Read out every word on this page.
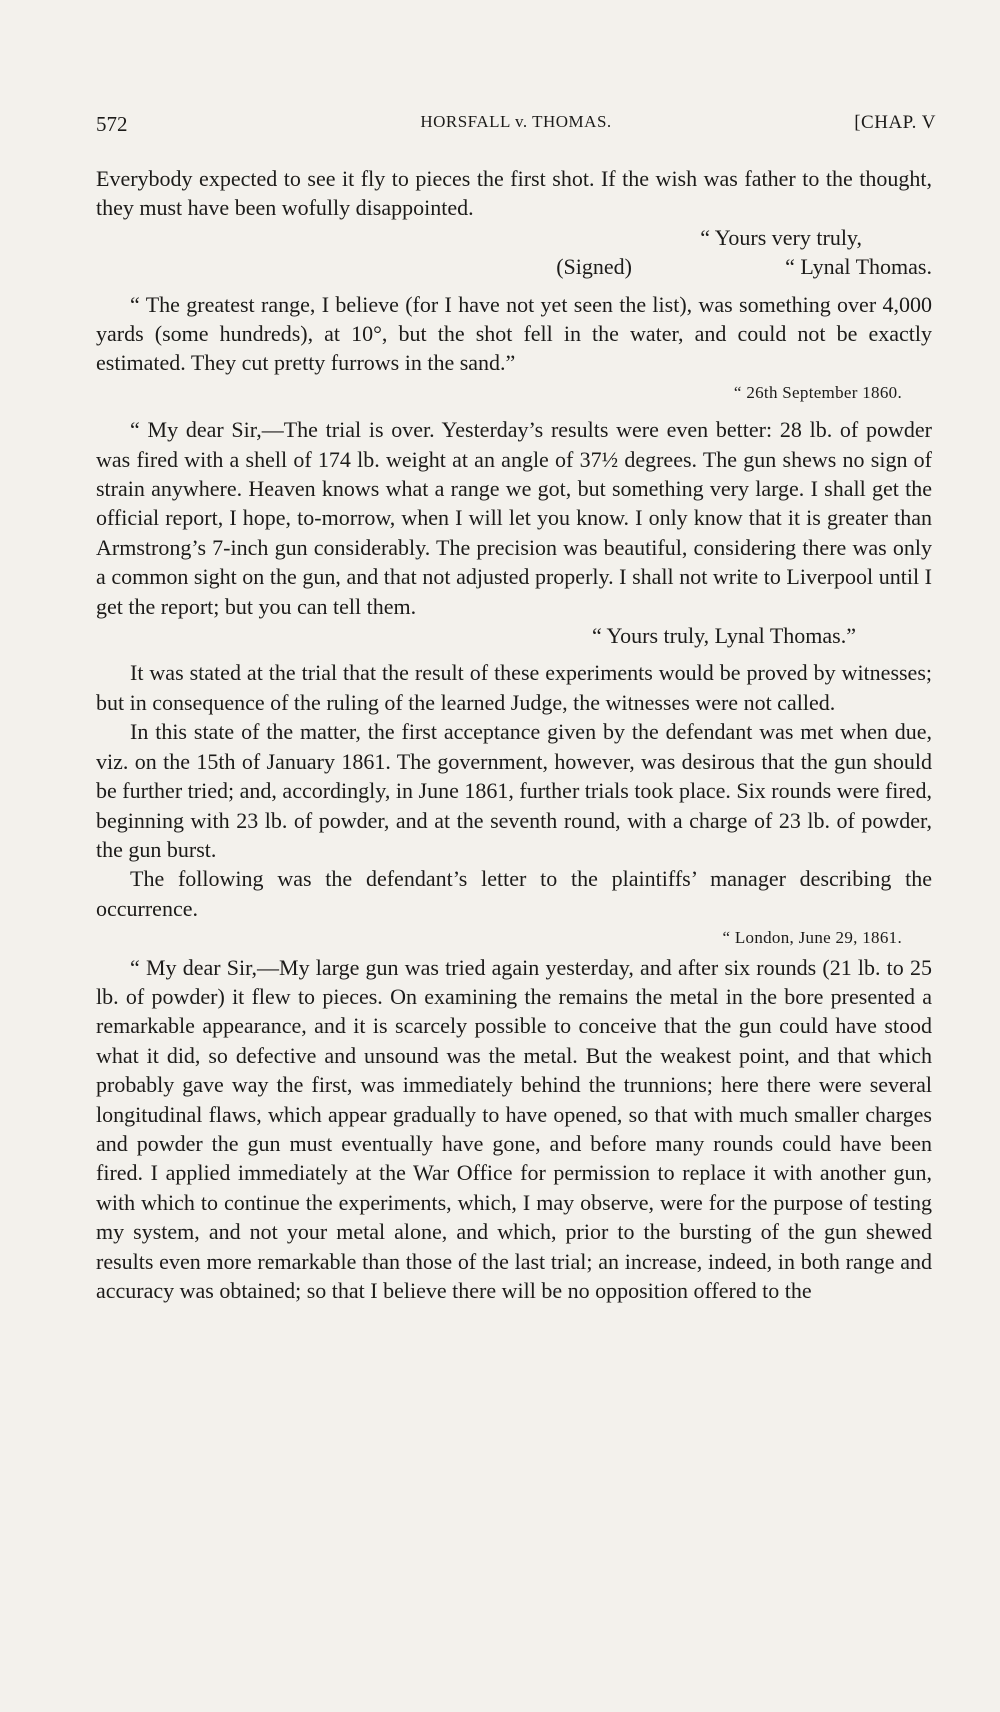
572	HORSFALL v. THOMAS.	[CHAP. V

Everybody expected to see it fly to pieces the first shot. If the wish was father to the thought, they must have been wofully disappointed.

“ Yours very truly,

(Signed)	“ Lynal Thomas.

“ The greatest range, I believe (for I have not yet seen the list), was something over 4,000 yards (some hundreds), at 10°, but the shot fell in the water, and could not be exactly estimated. They cut pretty furrows in the sand.”

“ 26th September 1860.

“ My dear Sir,—The trial is over. Yesterday’s results were even better: 28 lb. of powder was fired with a shell of 174 lb. weight at an angle of 37½ degrees. The gun shews no sign of strain anywhere. Heaven knows what a range we got, but something very large. I shall get the official report, I hope, to-morrow, when I will let you know. I only know that it is greater than Armstrong’s 7-inch gun considerably. The precision was beautiful, considering there was only a common sight on the gun, and that not adjusted properly. I shall not write to Liverpool until I get the report; but you can tell them.

“ Yours truly, Lynal Thomas.”

It was stated at the trial that the result of these experiments would be proved by witnesses; but in consequence of the ruling of the learned Judge, the witnesses were not called.

In this state of the matter, the first acceptance given by the defendant was met when due, viz. on the 15th of January 1861. The government, however, was desirous that the gun should be further tried; and, accordingly, in June 1861, further trials took place. Six rounds were fired, beginning with 23 lb. of powder, and at the seventh round, with a charge of 23 lb. of powder, the gun burst.

The following was the defendant’s letter to the plaintiffs’ manager describing the occurrence.

“ London, June 29, 1861.

“ My dear Sir,—My large gun was tried again yesterday, and after six rounds (21 lb. to 25 lb. of powder) it flew to pieces. On examining the remains the metal in the bore presented a remarkable appearance, and it is scarcely possible to conceive that the gun could have stood what it did, so defective and unsound was the metal. But the weakest point, and that which probably gave way the first, was immediately behind the trunnions; here there were several longitudinal flaws, which appear gradually to have opened, so that with much smaller charges and powder the gun must eventually have gone, and before many rounds could have been fired. I applied immediately at the War Office for permission to replace it with another gun, with which to continue the experiments, which, I may observe, were for the purpose of testing my system, and not your metal alone, and which, prior to the bursting of the gun shewed results even more remarkable than those of the last trial; an increase, indeed, in both range and accuracy was obtained; so that I believe there will be no opposition offered to the
